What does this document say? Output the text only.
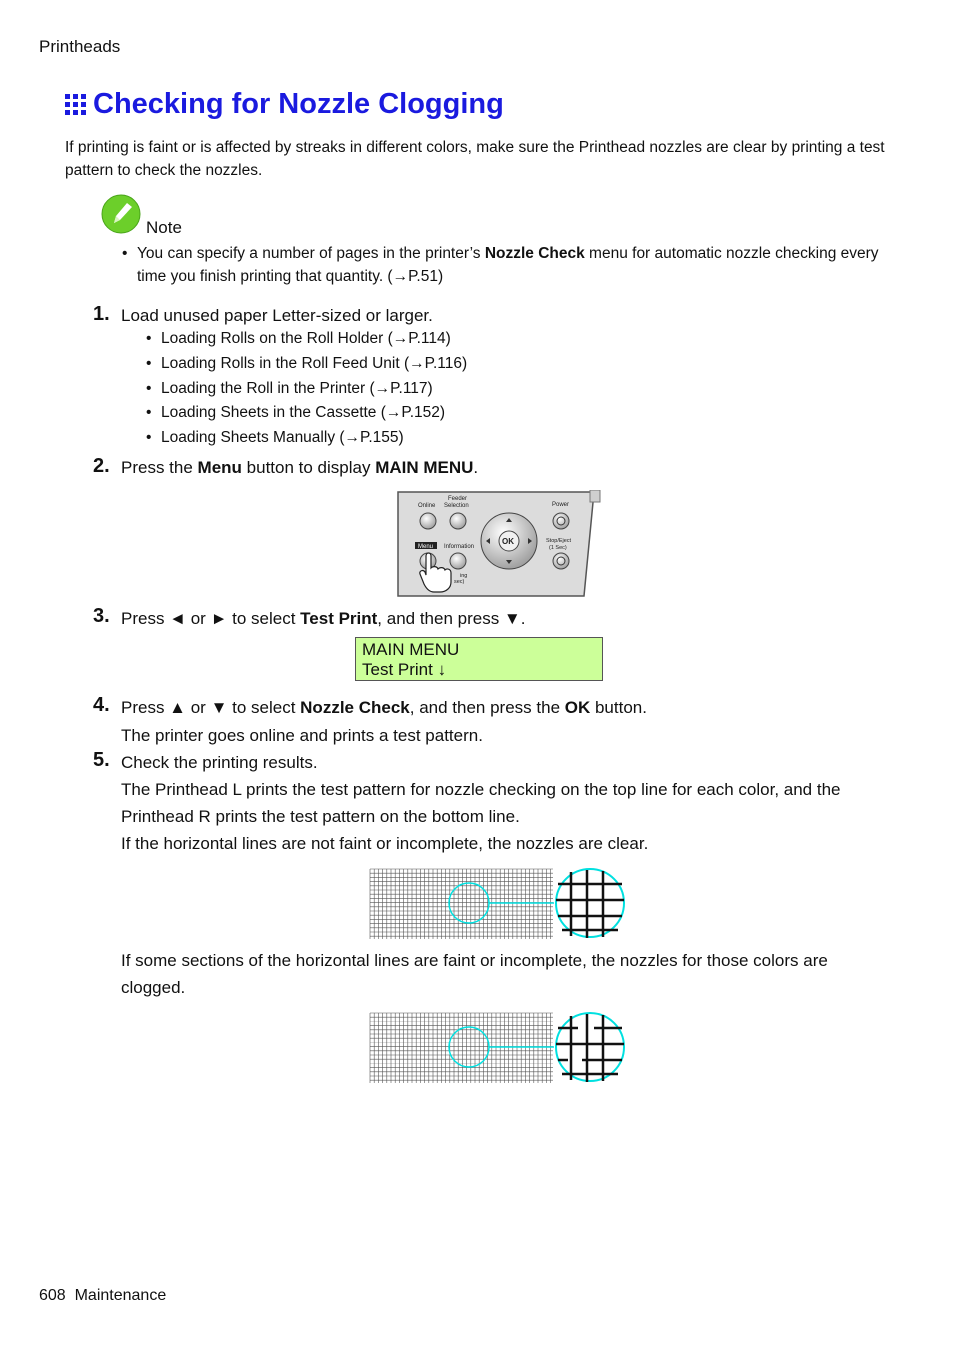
Printheads
Checking for Nozzle Clogging
If printing is faint or is affected by streaks in different colors, make sure the Printhead nozzles are clear by printing a test pattern to check the nozzles.
Note
• You can specify a number of pages in the printer’s Nozzle Check menu for automatic nozzle checking every time you finish printing that quantity. (→P.51)
1. Load unused paper Letter-sized or larger.
• Loading Rolls on the Roll Holder (→P.114)
• Loading Rolls in the Roll Feed Unit (→P.116)
• Loading the Roll in the Printer (→P.117)
• Loading Sheets in the Cassette (→P.152)
• Loading Sheets Manually (→P.155)
2. Press the Menu button to display MAIN MENU.
Online
Feeder
Selection	Power
Menu Information
OK	Stop/Eject
(1 Sec)
ing
sec)
3. Press ◄ or ► to select Test Print, and then press ▼.
MAIN MENU
Test Print ↓
4. Press ▲ or ▼ to select Nozzle Check, and then press the OK button.
The printer goes online and prints a test pattern.
5. Check the printing results.
The Printhead L prints the test pattern for nozzle checking on the top line for each color, and the Printhead R prints the test pattern on the bottom line.
If the horizontal lines are not faint or incomplete, the nozzles are clear.
If some sections of the horizontal lines are faint or incomplete, the nozzles for those colors are clogged.
608 Maintenance
